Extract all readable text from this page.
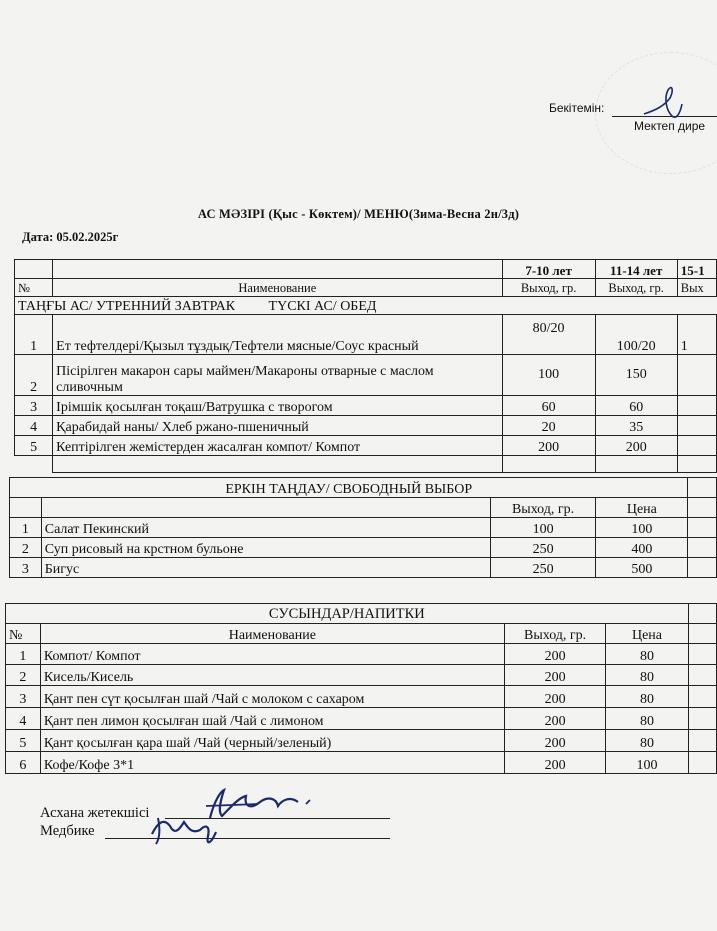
Бекітемін:
Мектеп дире
АС МӘЗІРІ (Қыс - Көктем)/ МЕНЮ(Зима-Весна 2н/3д)
Дата: 05.02.2025г
		7-10 лет	11-14 лет	15-1
№	Наименование	Выход, гр.	Выход, гр.	Вых
ТАҢҒЫ АС/ УТРЕННИЙ ЗАВТРАК ТҮСКІ АС/ ОБЕД				
1	Ет тефтелдері/Қызыл тұздық/Тефтели мясные/Соус красный	80/20	100/20	1
2	Пісірілген макарон сары маймен/Макароны отварные с маслом сливочным	100	150	
3	Ірімшік қосылған тоқаш/Ватрушка с творогом	60	60	
4	Қарабидай наны/ Хлеб ржано-пшеничный	20	35	
5	Кептірілген жемістерден жасалған компот/ Компот	200	200	

ЕРКІН ТАҢДАУ/ СВОБОДНЫЙ ВЫБОР				
		Выход, гр.	Цена	
1	Салат Пекинский	100	100	
2	Суп рисовый на крстном бульоне	250	400	
3	Бигус	250	500	
СУСЫНДАР/НАПИТКИ				
№	Наименование	Выход, гр.	Цена	
1	Компот/ Компот	200	80	
2	Кисель/Кисель	200	80	
3	Қант пен сүт қосылған шай /Чай с молоком с сахаром	200	80	
4	Қант пен лимон қосылған шай /Чай с лимоном	200	80	
5	Қант қосылған қара шай /Чай (черный/зеленый)	200	80	
6	Кофе/Кофе 3*1	200	100	
Асхана жетекшісі
Медбике
